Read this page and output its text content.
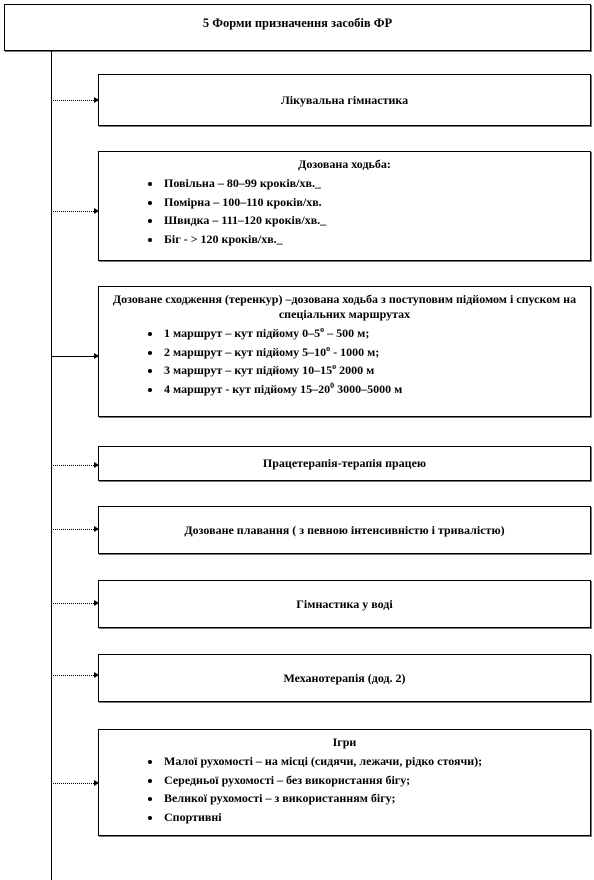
5 Форми призначення засобів ФР
Лікувальна гімнастика

Дозована ходьба:

• Повільна – 80–99 кроків/хв._
• Помірна – 100–110 кроків/хв.
• Швидка – 111–120 кроків/хв._
• Біг - > 120 кроків/хв._

Дозоване сходження (теренкур) –дозована ходьба з поступовим підйомом і спуском на спеціальних маршрутах

• 1 маршрут – кут підйому $0-5^о - 500$ м;
• 2 маршрут – кут підйому $5-10^о - 1000$ м;
• 3 маршрут – кут підйому $10-15^о$ 2000 м
• 4 маршрут - кут підйому $15-20^0$ 3000–5000 м
Працетерапія-терапія працею
Дозоване плавання ( з певною інтенсивністю і тривалістю)
Гімнастика у воді
Механотерапія (дод. 2)

Ігри

• Малої рухомості – на місці (сидячи, лежачи, рідко стоячи);
• Середньої рухомості – без використання бігу;
• Великої рухомості – з використанням бігу;
• Спортивні
